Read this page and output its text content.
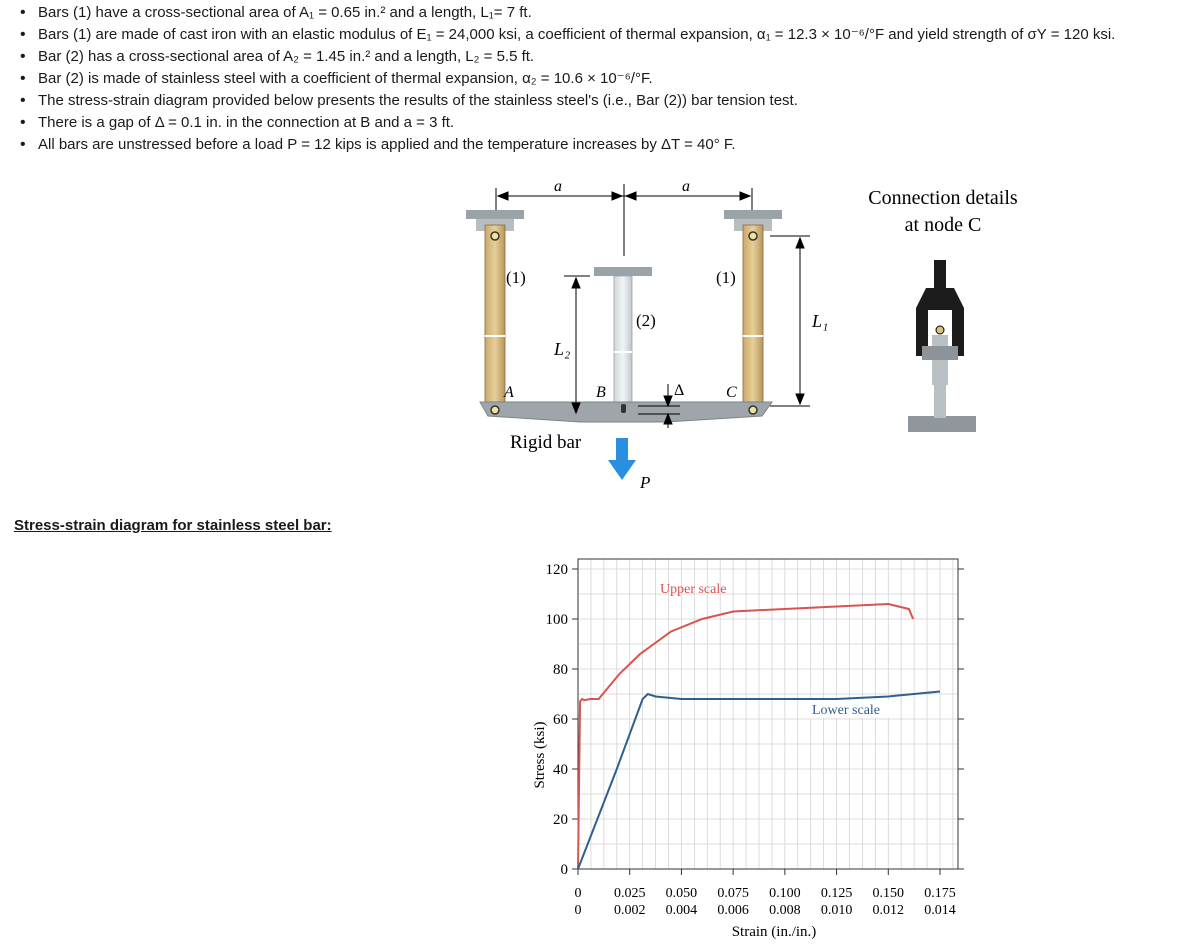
• Bars (1) have a cross-sectional area of A₁ = 0.65 in.² and a length, L₁= 7 ft.
• Bars (1) are made of cast iron with an elastic modulus of E₁ = 24,000 ksi, a coefficient of thermal expansion, α₁ = 12.3 × 10⁻⁶/°F and yield strength of σY = 120 ksi.
• Bar (2) has a cross-sectional area of A₂ = 1.45 in.² and a length, L₂ = 5.5 ft.
• Bar (2) is made of stainless steel with a coefficient of thermal expansion, α₂ = 10.6 × 10⁻⁶/°F.
• The stress-strain diagram provided below presents the results of the stainless steel's (i.e., Bar (2)) bar tension test.
• There is a gap of Δ = 0.1 in. in the connection at B and a = 3 ft.
• All bars are unstressed before a load P = 12 kips is applied and the temperature increases by ΔT = 40° F.
a	a
L₂
L₁
Δ
(1)	(1)
(2)
A	B	C
Rigid bar
P
Connection details
at node C
Stress-strain diagram for stainless steel bar:
0
20
40
60
80
100
120
0 0.025 0.050 0.075 0.100 0.125 0.150 0.175
0 0.002 0.004 0.006 0.008 0.010 0.012 0.014
Upper scale
Lower scale
Stress (ksi)
Strain (in./in.)
